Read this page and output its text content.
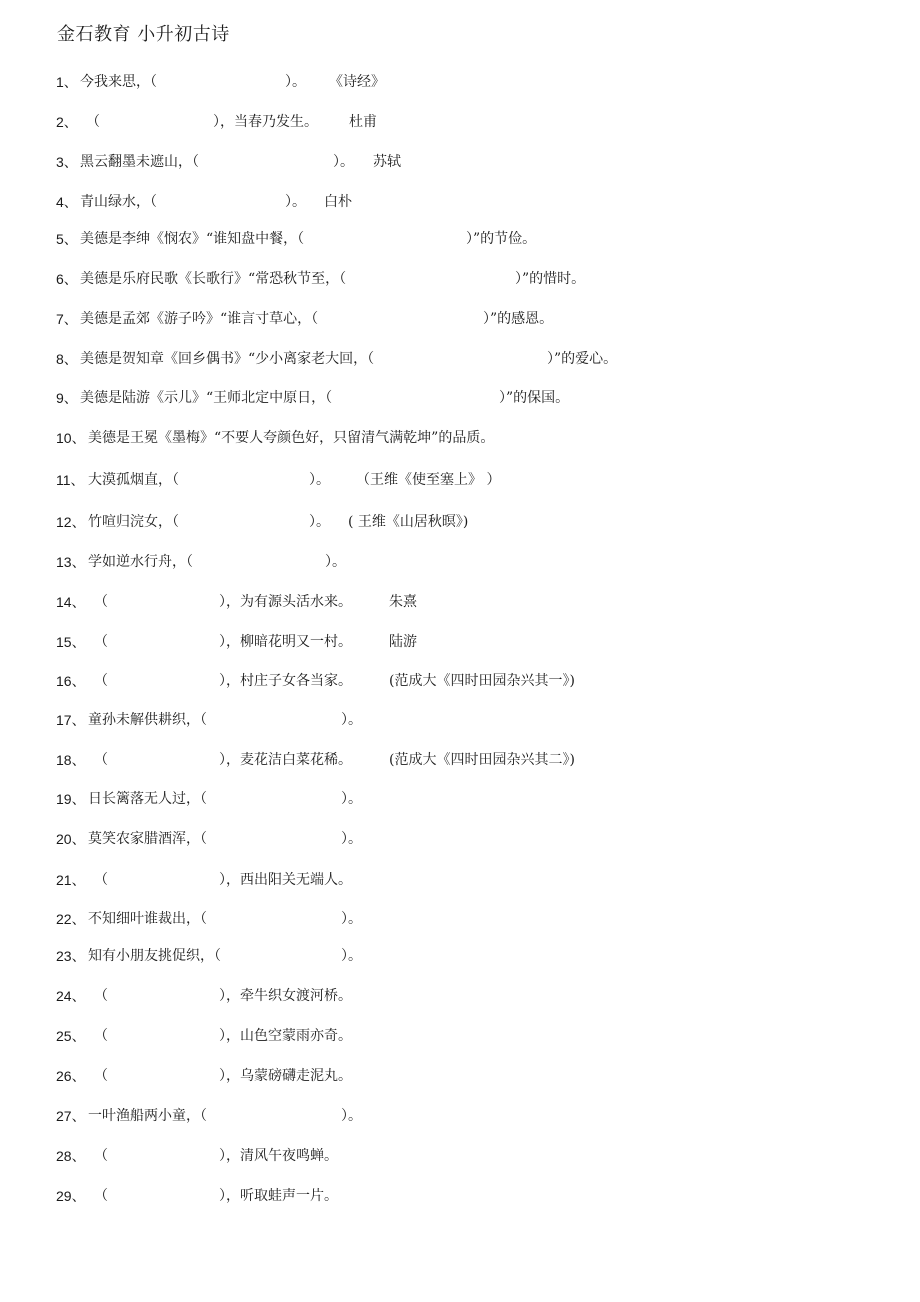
金石教育 小升初古诗
1、 今我来思，（	）。 《诗经》
2、 （	），当春乃发生。 杜甫
3、 黑云翻墨未遮山，（	）。 苏轼
4、 青山绿水，（	）。 白朴
5、 美德是李绅《悯农》“谁知盘中餐，（	）”的节俭。
6、 美德是乐府民歌《长歌行》“常恐秋节至，（	）”的惜时。
7、 美德是孟郊《游子吟》“谁言寸草心，（	）”的感恩。
8、 美德是贺知章《回乡偶书》“少小离家老大回，（	）”的爱心。
9、 美德是陆游《示儿》“王师北定中原日，（	）”的保国。
10、 美德是王冕《墨梅》“不要人夸颜色好，只留清气满乾坤”的品质。
11、 大漠孤烟直，（	）。 （王维《使至塞上》 ）
12、 竹喧归浣女，（	）。 ( 王维《山居秋暝》)
13、 学如逆水行舟，（	）。
14、 （	），为有源头活水来。	朱熹
15、 （	），柳暗花明又一村。	陆游
16、 （	），村庄子女各当家。	(范成大《四时田园杂兴其一》)
17、 童孙未解供耕织，（	）。
18、 （	），麦花洁白菜花稀。	(范成大《四时田园杂兴其二》)
19、 日长篱落无人过，（	）。
20、 莫笑农家腊酒浑，（	）。
21、 （	），西出阳关无端人。
22、 不知细叶谁裁出，（	）。
23、 知有小朋友挑促织，（	）。
24、 （	），牵牛织女渡河桥。
25、 （	），山色空蒙雨亦奇。
26、 （	），乌蒙磅礴走泥丸。
27、 一叶渔船两小童，（	）。
28、 （	），清风午夜鸣蝉。
29、 （	），听取蛙声一片。
